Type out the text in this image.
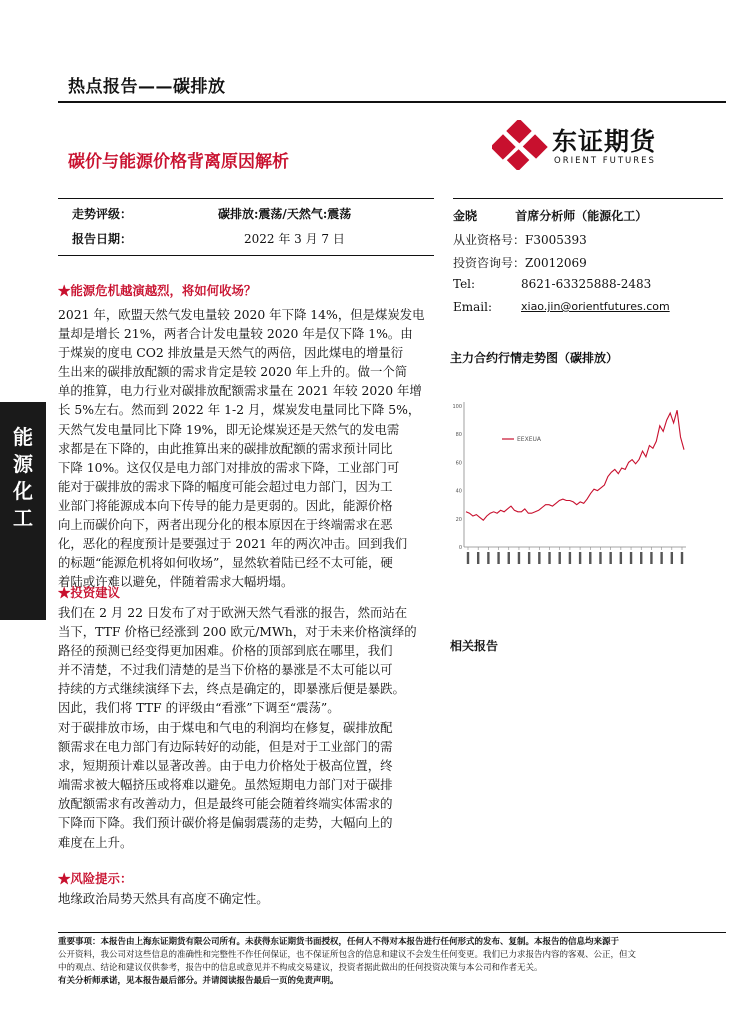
热点报告——碳排放
碳价与能源价格背离原因解析
东证期货
ORIENT FUTURES
走势评级：	碳排放:震荡/天然气:震荡
报告日期：	2022 年 3 月 7 日
金晓	首席分析师（能源化工）
从业资格号：F3005393
投资咨询号：Z0012069
Tel:	8621-63325888-2483
Email:	xiao.jin@orientfutures.com
能
源
化
工
★能源危机越演越烈，将如何收场？
2021 年，欧盟天然气发电量较 2020 年下降 14%，但是煤炭发电
量却是增长 21%，两者合计发电量较 2020 年是仅下降 1%。由
于煤炭的度电 CO2 排放量是天然气的两倍，因此煤电的增量衍
生出来的碳排放配额的需求肯定是较 2020 年上升的。做一个简
单的推算，电力行业对碳排放配额需求量在 2021 年较 2020 年增
长 5%左右。然而到 2022 年 1-2 月，煤炭发电量同比下降 5%，
天然气发电量同比下降 19%，即无论煤炭还是天然气的发电需
求都是在下降的，由此推算出来的碳排放配额的需求预计同比
下降 10%。这仅仅是电力部门对排放的需求下降，工业部门可
能对于碳排放的需求下降的幅度可能会超过电力部门，因为工
业部门将能源成本向下传导的能力是更弱的。因此，能源价格
向上而碳价向下，两者出现分化的根本原因在于终端需求在恶
化，恶化的程度预计是要强过于 2021 年的两次冲击。回到我们
的标题“能源危机将如何收场”，显然软着陆已经不太可能，硬
着陆或许难以避免，伴随着需求大幅坍塌。
★投资建议
我们在 2 月 22 日发布了对于欧洲天然气看涨的报告，然而站在
当下，TTF 价格已经涨到 200 欧元/MWh，对于未来价格演绎的
路径的预测已经变得更加困难。价格的顶部到底在哪里，我们
并不清楚，不过我们清楚的是当下价格的暴涨是不太可能以可
持续的方式继续演绎下去，终点是确定的，即暴涨后便是暴跌。
因此，我们将 TTF 的评级由“看涨”下调至“震荡”。
对于碳排放市场，由于煤电和气电的利润均在修复，碳排放配
额需求在电力部门有边际转好的动能，但是对于工业部门的需
求，短期预计难以显著改善。由于电力价格处于极高位置，终
端需求被大幅挤压或将难以避免。虽然短期电力部门对于碳排
放配额需求有改善动力，但是最终可能会随着终端实体需求的
下降而下降。我们预计碳价将是偏弱震荡的走势，大幅向上的
难度在上升。
★风险提示：
地缘政治局势天然具有高度不确定性。
主力合约行情走势图（碳排放）
0
20
40
60
80
100
EEXEUA
相关报告
重要事项：本报告由上海东证期货有限公司所有。未获得东证期货书面授权，任何人不得对本报告进行任何形式的发布、复制。本报告的信息均来源于
公开资料，我公司对这些信息的准确性和完整性不作任何保证，也不保证所包含的信息和建议不会发生任何变更。我们已力求报告内容的客观、公正，但文
中的观点、结论和建议仅供参考，报告中的信息或意见并不构成交易建议，投资者据此做出的任何投资决策与本公司和作者无关。
有关分析师承诺，见本报告最后部分。并请阅读报告最后一页的免责声明。
